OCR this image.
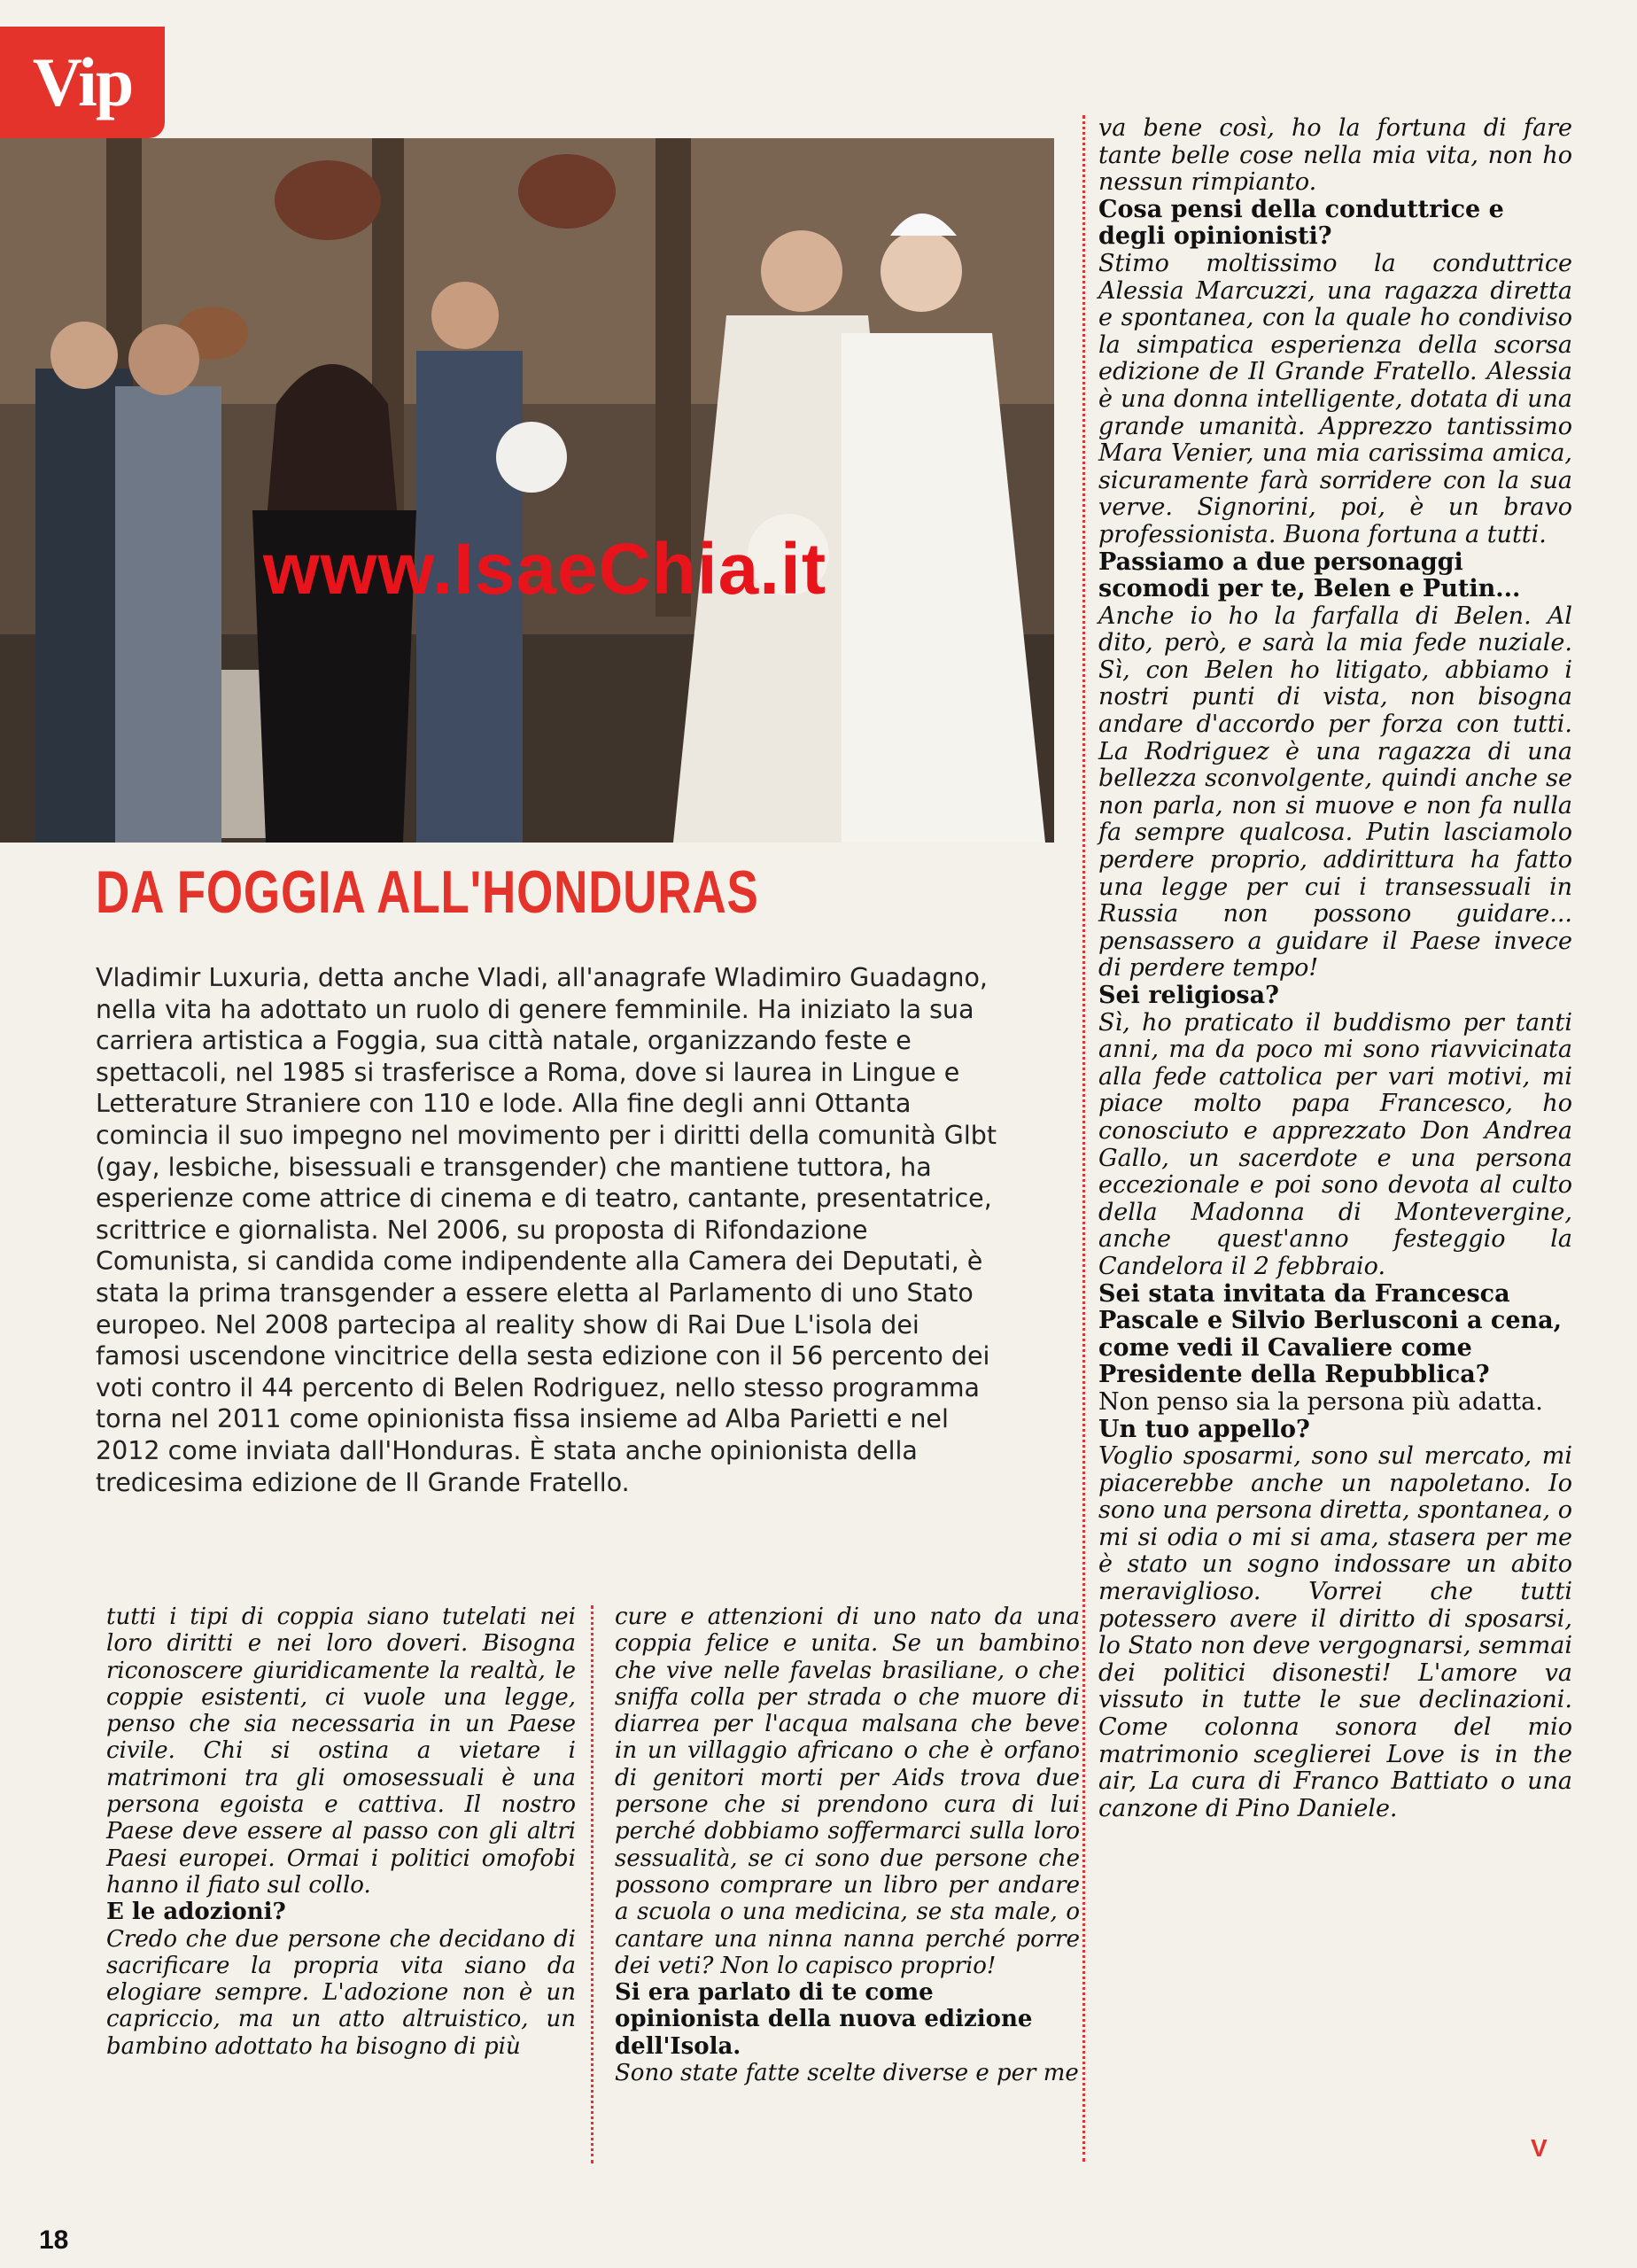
Vip
www.IsaeChia.it
DA FOGGIA ALL'HONDURAS

Vladimir Luxuria, detta anche Vladi, all'anagrafe Wladimiro Guadagno, nella vita ha adottato un ruolo di genere femminile. Ha iniziato la sua carriera artistica a Foggia, sua città natale, organizzando feste e spettacoli, nel 1985 si trasferisce a Roma, dove si laurea in Lingue e Letterature Straniere con 110 e lode. Alla fine degli anni Ottanta comincia il suo impegno nel movimento per i diritti della comunità Glbt (gay, lesbiche, bisessuali e transgender) che mantiene tuttora, ha esperienze come attrice di cinema e di teatro, cantante, presentatrice, scrittrice e giornalista. Nel 2006, su proposta di Rifondazione Comunista, si candida come indipendente alla Camera dei Deputati, è stata la prima transgender a essere eletta al Parlamento di uno Stato europeo. Nel 2008 partecipa al reality show di Rai Due L'isola dei famosi uscendone vincitrice della sesta edizione con il 56 percento dei voti contro il 44 percento di Belen Rodriguez, nello stesso programma torna nel 2011 come opinionista fissa insieme ad Alba Parietti e nel 2012 come inviata dall'Honduras. È stata anche opinionista della tredicesima edizione de Il Grande Fratello.

tutti i tipi di coppia siano tutelati nei loro diritti e nei loro doveri. Bisogna riconoscere giuridicamente la realtà, le coppie esistenti, ci vuole una legge, penso che sia necessaria in un Paese civile. Chi si ostina a vietare i matrimoni tra gli omosessuali è una persona egoista e cattiva. Il nostro Paese deve essere al passo con gli altri Paesi europei. Ormai i politici omofobi hanno il fiato sul collo.

E le adozioni?

Credo che due persone che decidano di sacrificare la propria vita siano da elogiare sempre. L'adozione non è un capriccio, ma un atto altruistico, un bambino adottato ha bisogno di più

cure e attenzioni di uno nato da una coppia felice e unita. Se un bambino che vive nelle favelas brasiliane, o che sniffa colla per strada o che muore di diarrea per l'acqua malsana che beve in un villaggio africano o che è orfano di genitori morti per Aids trova due persone che si prendono cura di lui perché dobbiamo soffermarci sulla loro sessualità, se ci sono due persone che possono comprare un libro per andare a scuola o una medicina, se sta male, o cantare una ninna nanna perché porre dei veti? Non lo capisco proprio!

Si era parlato di te come opinionista della nuova edizione dell'Isola.

Sono state fatte scelte diverse e per me

va bene così, ho la fortuna di fare tante belle cose nella mia vita, non ho nessun rimpianto.

Cosa pensi della conduttrice e degli opinionisti?

Stimo moltissimo la conduttrice Alessia Marcuzzi, una ragazza diretta e spontanea, con la quale ho condiviso la simpatica esperienza della scorsa edizione de Il Grande Fratello. Alessia è una donna intelligente, dotata di una grande umanità. Apprezzo tantissimo Mara Venier, una mia carissima amica, sicuramente farà sorridere con la sua verve. Signorini, poi, è un bravo professionista. Buona fortuna a tutti.

Passiamo a due personaggi scomodi per te, Belen e Putin...

Anche io ho la farfalla di Belen. Al dito, però, e sarà la mia fede nuziale. Sì, con Belen ho litigato, abbiamo i nostri punti di vista, non bisogna andare d'accordo per forza con tutti. La Rodriguez è una ragazza di una bellezza sconvolgente, quindi anche se non parla, non si muove e non fa nulla fa sempre qualcosa. Putin lasciamolo perdere proprio, addirittura ha fatto una legge per cui i transessuali in Russia non possono guidare... pensassero a guidare il Paese invece di perdere tempo!

Sei religiosa?

Sì, ho praticato il buddismo per tanti anni, ma da poco mi sono riavvicinata alla fede cattolica per vari motivi, mi piace molto papa Francesco, ho conosciuto e apprezzato Don Andrea Gallo, un sacerdote e una persona eccezionale e poi sono devota al culto della Madonna di Montevergine, anche quest'anno festeggio la Candelora il 2 febbraio.

Sei stata invitata da Francesca Pascale e Silvio Berlusconi a cena, come vedi il Cavaliere come Presidente della Repubblica?

Non penso sia la persona più adatta.

Un tuo appello?

Voglio sposarmi, sono sul mercato, mi piacerebbe anche un napoletano. Io sono una persona diretta, spontanea, o mi si odia o mi si ama, stasera per me è stato un sogno indossare un abito meraviglioso. Vorrei che tutti potessero avere il diritto di sposarsi, lo Stato non deve vergognarsi, semmai dei politici disonesti! L'amore va vissuto in tutte le sue declinazioni. Come colonna sonora del mio matrimonio sceglierei Love is in the air, La cura di Franco Battiato o una canzone di Pino Daniele.

V
18
